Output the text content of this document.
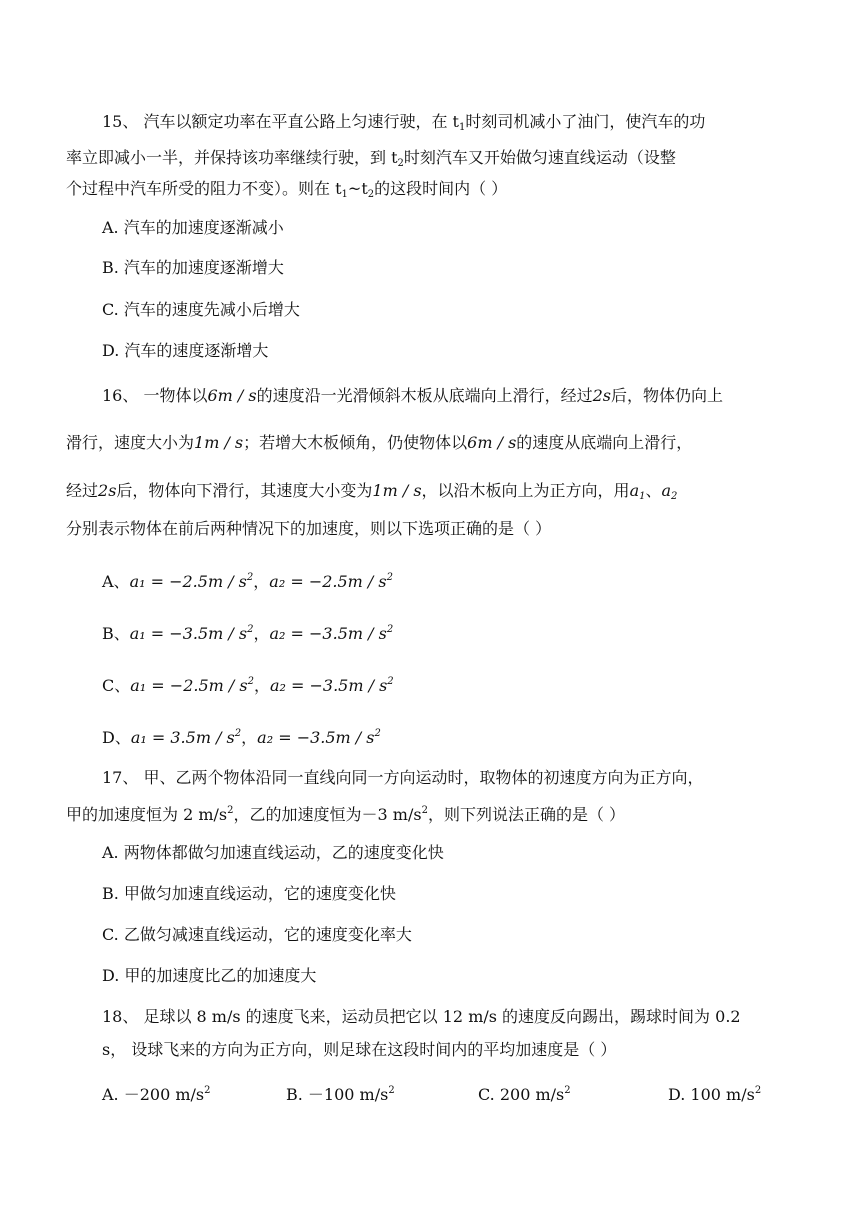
15、 汽车以额定功率在平直公路上匀速行驶，在 $t_1$时刻司机减小了油门，使汽车的功
率立即减小一半，并保持该功率继续行驶，到 $t_2$时刻汽车又开始做匀速直线运动（设整
个过程中汽车所受的阻力不变）。则在 $t_1\sim t_2$的这段时间内（ ）
A. 汽车的加速度逐渐减小
B. 汽车的加速度逐渐增大
C. 汽车的速度先减小后增大
D. 汽车的速度逐渐增大
16、 一物体以6m / s的速度沿一光滑倾斜木板从底端向上滑行，经过2s后，物体仍向上
滑行，速度大小为1m / s；若增大木板倾角，仍使物体以6m / s的速度从底端向上滑行，
经过2s后，物体向下滑行，其速度大小变为1m / s，以沿木板向上为正方向，用$a_1$、$a_2$
分别表示物体在前后两种情况下的加速度，则以下选项正确的是（ ）
A、$a_1 = -2.5m / s^2$，$a_2 = -2.5m / s^2$
B、$a_1 = -3.5m / s^2$，$a_2 = -3.5m / s^2$
C、$a_1 = -2.5m / s^2$，$a_2 = -3.5m / s^2$
D、$a_1 = 3.5m / s^2$，$a_2 = -3.5m / s^2$
17、 甲、乙两个物体沿同一直线向同一方向运动时，取物体的初速度方向为正方向，
甲的加速度恒为 2 $m/s^2$，乙的加速度恒为－3 $m/s^2$，则下列说法正确的是（ ）
A. 两物体都做匀加速直线运动，乙的速度变化快
B. 甲做匀加速直线运动，它的速度变化快
C. 乙做匀减速直线运动，它的速度变化率大
D. 甲的加速度比乙的加速度大
18、 足球以 8 m/s 的速度飞来，运动员把它以 12 m/s 的速度反向踢出，踢球时间为 0.2
s， 设球飞来的方向为正方向，则足球在这段时间内的平均加速度是（ ）
A. －200 $m/s^2$	B. －100 $m/s^2$	C. 200 $m/s^2$	D. 100 $m/s^2$
